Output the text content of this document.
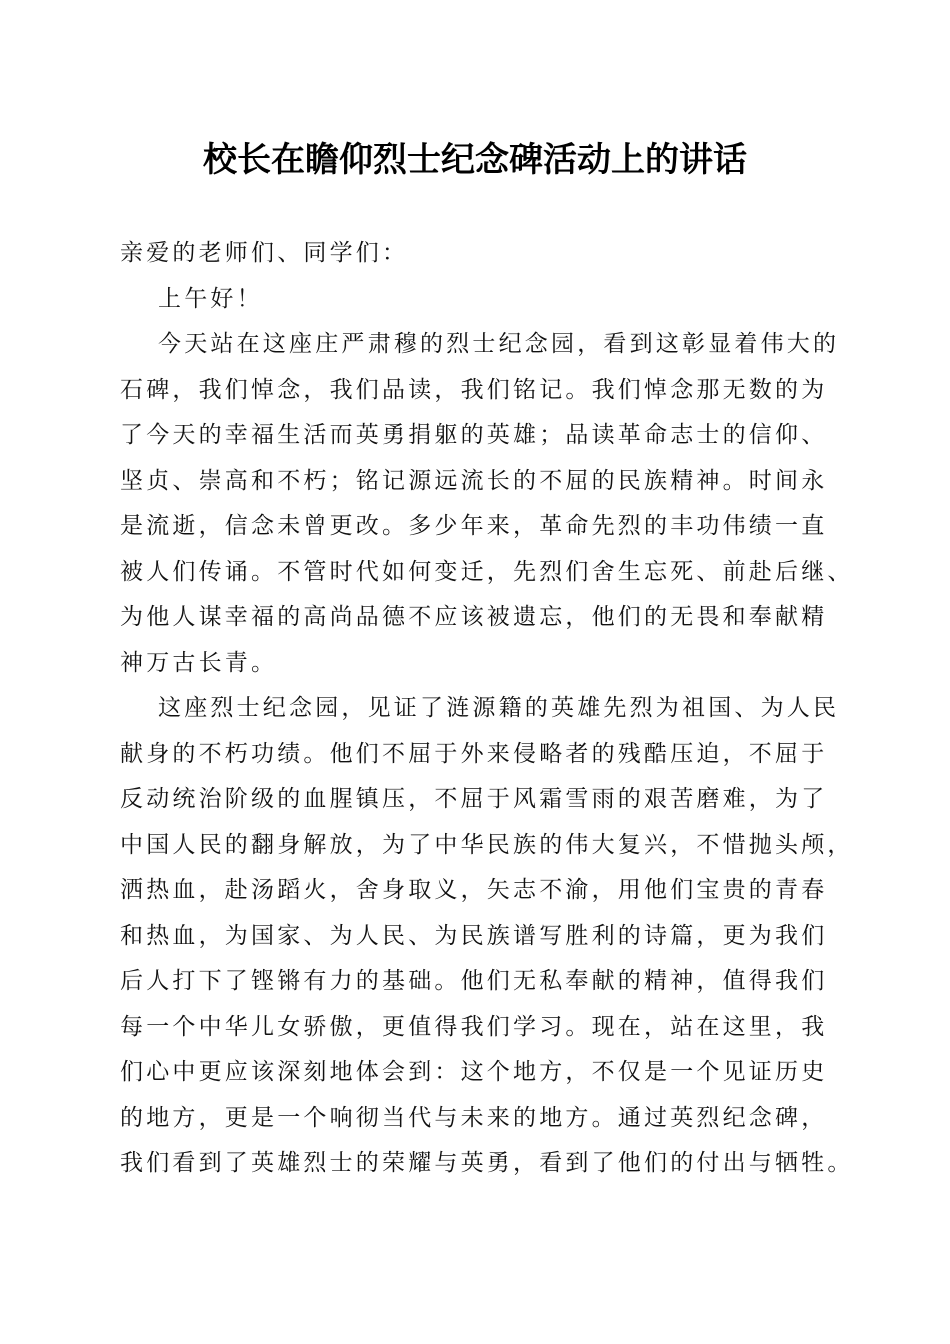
校长在瞻仰烈士纪念碑活动上的讲话

亲爱的老师们、同学们：

上午好！

今天站在这座庄严肃穆的烈士纪念园，看到这彰显着伟大的

石碑，我们悼念，我们品读，我们铭记。我们悼念那无数的为

了今天的幸福生活而英勇捐躯的英雄；品读革命志士的信仰、

坚贞、崇高和不朽；铭记源远流长的不屈的民族精神。时间永

是流逝，信念未曾更改。多少年来，革命先烈的丰功伟绩一直

被人们传诵。不管时代如何变迁，先烈们舍生忘死、前赴后继、

为他人谋幸福的高尚品德不应该被遗忘，他们的无畏和奉献精

神万古长青。

这座烈士纪念园，见证了涟源籍的英雄先烈为祖国、为人民

献身的不朽功绩。他们不屈于外来侵略者的残酷压迫，不屈于

反动统治阶级的血腥镇压，不屈于风霜雪雨的艰苦磨难，为了

中国人民的翻身解放，为了中华民族的伟大复兴，不惜抛头颅，

洒热血，赴汤蹈火，舍身取义，矢志不渝，用他们宝贵的青春

和热血，为国家、为人民、为民族谱写胜利的诗篇，更为我们

后人打下了铿锵有力的基础。他们无私奉献的精神，值得我们

每一个中华儿女骄傲，更值得我们学习。现在，站在这里，我

们心中更应该深刻地体会到：这个地方，不仅是一个见证历史

的地方，更是一个响彻当代与未来的地方。通过英烈纪念碑，

我们看到了英雄烈士的荣耀与英勇，看到了他们的付出与牺牲。
